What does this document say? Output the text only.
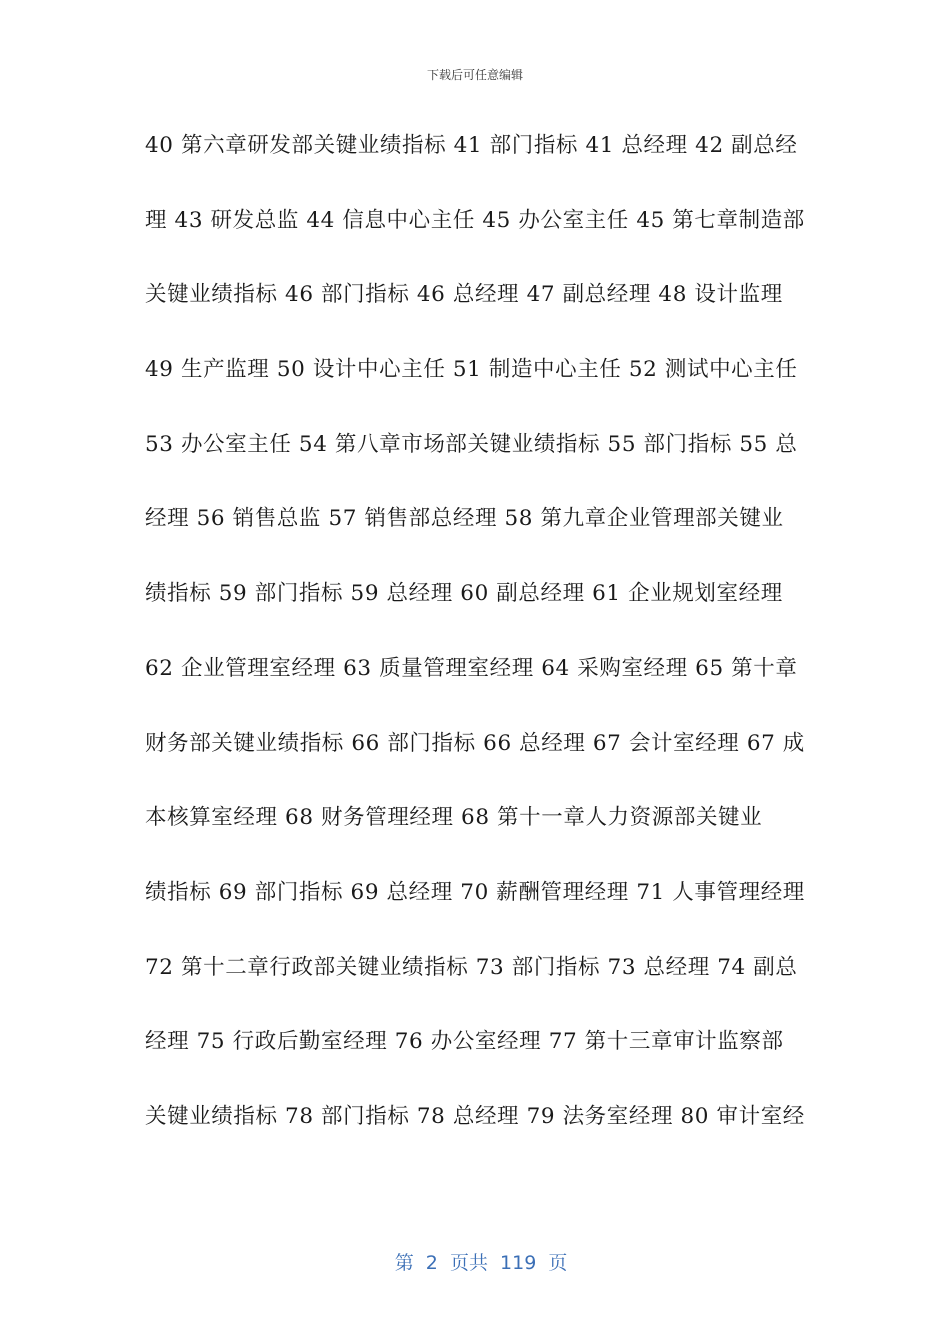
下载后可任意编辑
40 第六章研发部关键业绩指标 41 部门指标 41 总经理 42 副总经
理 43 研发总监 44 信息中心主任 45 办公室主任 45 第七章制造部
关键业绩指标 46 部门指标 46 总经理 47 副总经理 48 设计监理
49 生产监理 50 设计中心主任 51 制造中心主任 52 测试中心主任
53 办公室主任 54 第八章市场部关键业绩指标 55 部门指标 55 总
经理 56 销售总监 57 销售部总经理 58 第九章企业管理部关键业
绩指标 59 部门指标 59 总经理 60 副总经理 61 企业规划室经理
62 企业管理室经理 63 质量管理室经理 64 采购室经理 65 第十章
财务部关键业绩指标 66 部门指标 66 总经理 67 会计室经理 67 成
本核算室经理 68 财务管理经理 68 第十一章人力资源部关键业
绩指标 69 部门指标 69 总经理 70 薪酬管理经理 71 人事管理经理
72 第十二章行政部关键业绩指标 73 部门指标 73 总经理 74 副总
经理 75 行政后勤室经理 76 办公室经理 77 第十三章审计监察部
关键业绩指标 78 部门指标 78 总经理 79 法务室经理 80 审计室经

第  2  页共  119  页
